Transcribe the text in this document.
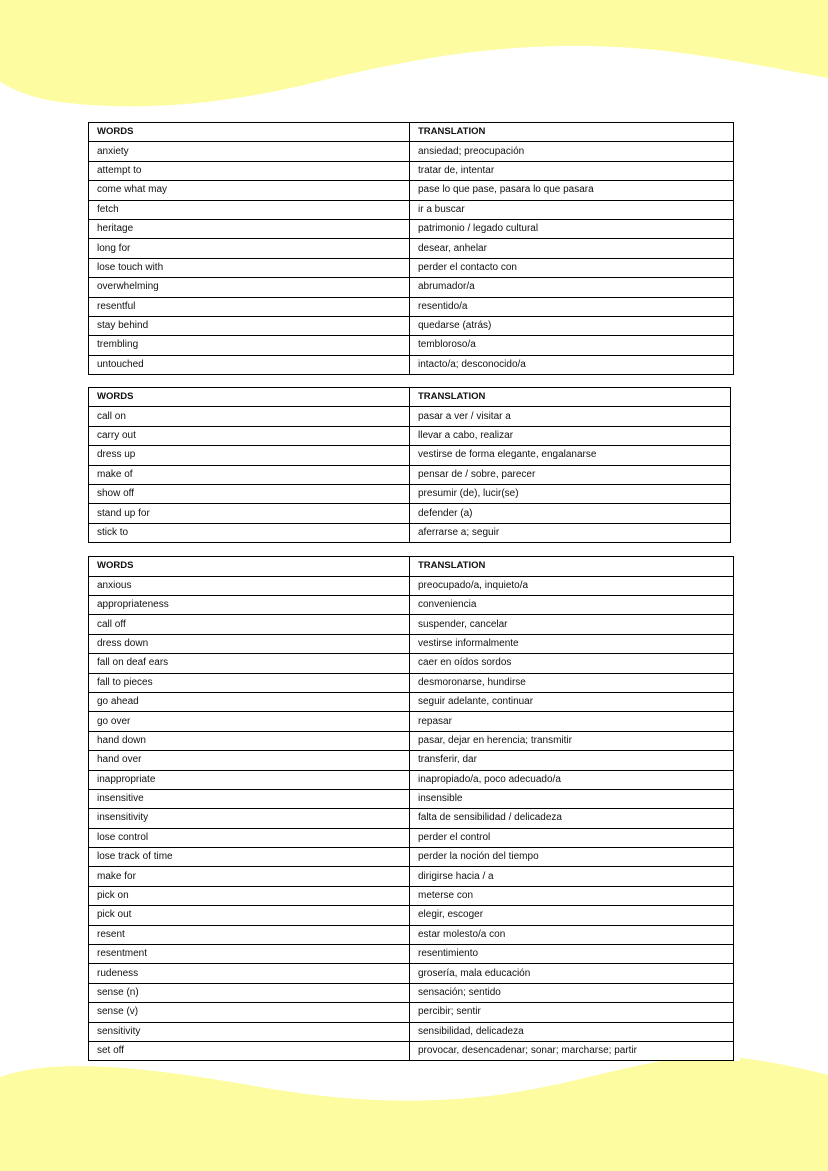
WORDS	TRANSLATION
anxiety	ansiedad; preocupación
attempt to	tratar de, intentar
come what may	pase lo que pase, pasara lo que pasara
fetch	ir a buscar
heritage	patrimonio / legado cultural
long for	desear, anhelar
lose touch with	perder el contacto con
overwhelming	abrumador/a
resentful	resentido/a
stay behind	quedarse (atrás)
trembling	tembloroso/a
untouched	intacto/a; desconocido/a
WORDS	TRANSLATION
call on	pasar a ver / visitar a
carry out	llevar a cabo, realizar
dress up	vestirse de forma elegante, engalanarse
make of	pensar de / sobre, parecer
show off	presumir (de), lucir(se)
stand up for	defender (a)
stick to	aferrarse a; seguir
WORDS	TRANSLATION
anxious	preocupado/a, inquieto/a
appropriateness	conveniencia
call off	suspender, cancelar
dress down	vestirse informalmente
fall on deaf ears	caer en oídos sordos
fall to pieces	desmoronarse, hundirse
go ahead	seguir adelante, continuar
go over	repasar
hand down	pasar, dejar en herencia; transmitir
hand over	transferir, dar
inappropriate	inapropiado/a, poco adecuado/a
insensitive	insensible
insensitivity	falta de sensibilidad / delicadeza
lose control	perder el control
lose track of time	perder la noción del tiempo
make for	dirigirse hacia / a
pick on	meterse con
pick out	elegir, escoger
resent	estar molesto/a con
resentment	resentimiento
rudeness	grosería, mala educación
sense (n)	sensación; sentido
sense (v)	percibir; sentir
sensitivity	sensibilidad, delicadeza
set off	provocar, desencadenar; sonar; marcharse; partir
